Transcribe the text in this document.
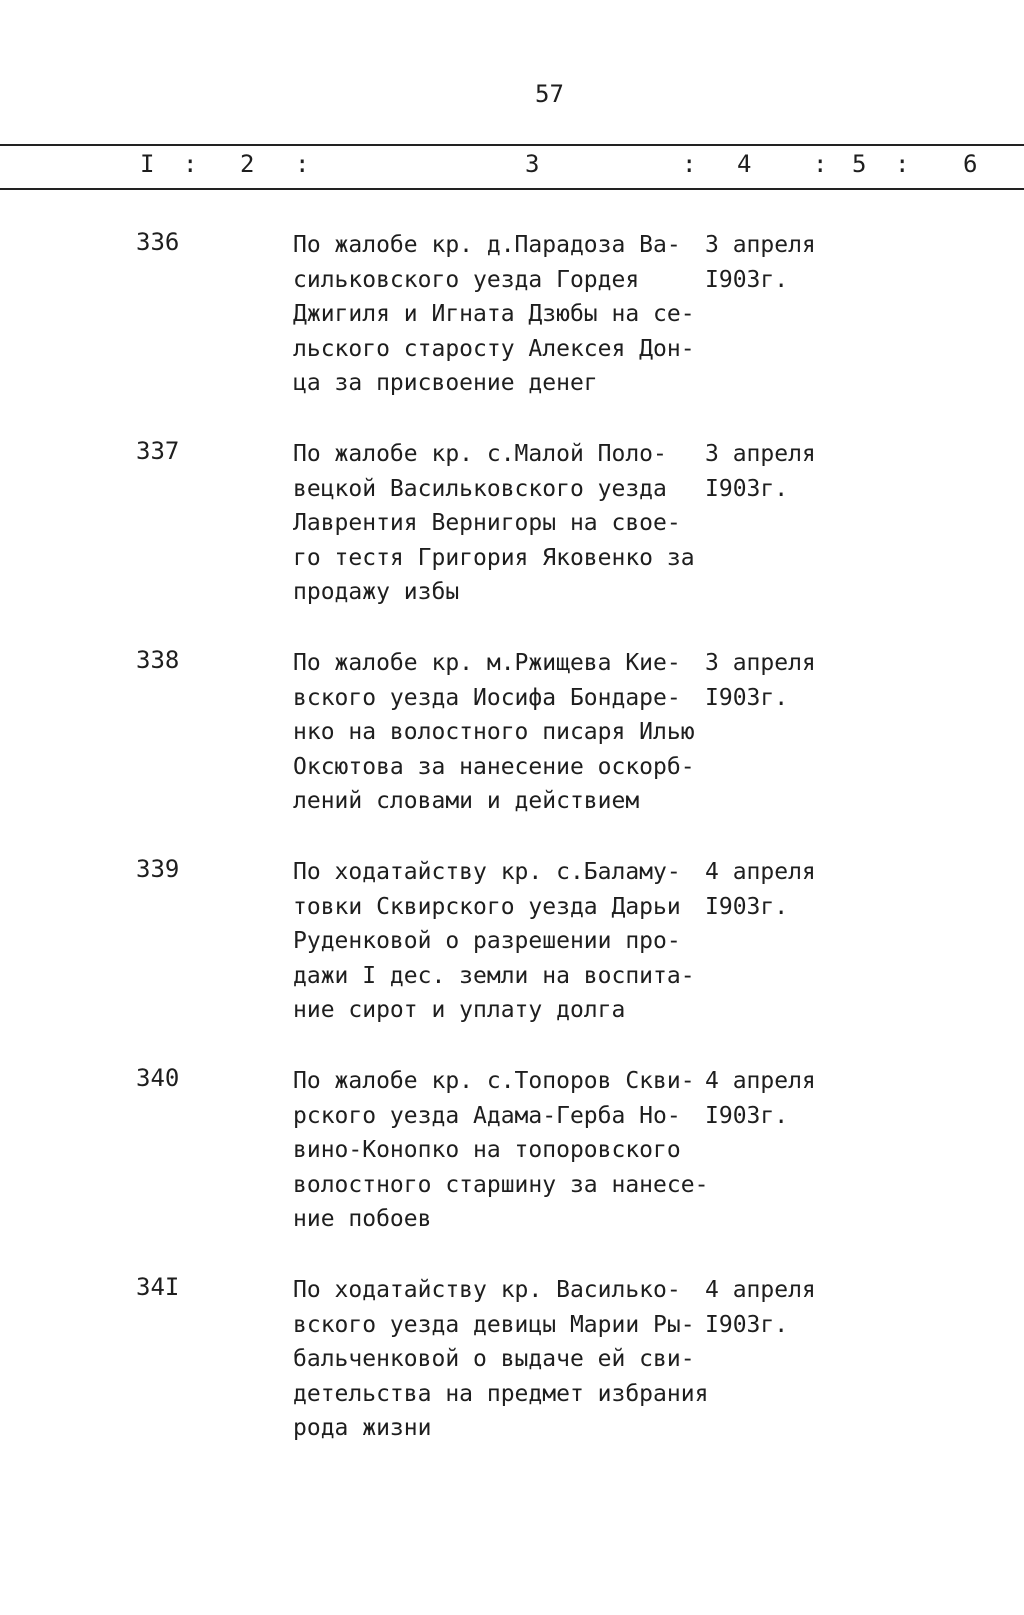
57
I : 2 :	3	: 4	: 5 : 6
336	По жалобе кр. д.Парадоза Ва-
сильковского уезда Гордея
Джигиля и Игната Дзюбы на се-
льского старосту Алексея Дон-
ца за присвоение денег
3 апреля
I903г.
337	По жалобе кр. с.Малой Поло-
вецкой Васильковского уезда
Лаврентия Вернигоры на свое-
го тестя Григория Яковенко за
продажу избы
3 апреля
I903г.
338	По жалобе кр. м.Ржищева Кие-
вского уезда Иосифа Бондаре-
нко на волостного писаря Илью
Оксютова за нанесение оскорб-
лений словами и действием
3 апреля
I903г.
339	По ходатайству кр. с.Баламу-
товки Сквирского уезда Дарьи
Руденковой о разрешении про-
дажи I дес. земли на воспита-
ние сирот и уплату долга
4 апреля
I903г.
340	По жалобе кр. с.Топоров Скви-
рского уезда Адама-Герба Но-
вино-Конопко на топоровского
волостного старшину за нанесе-
ние побоев
4 апреля
I903г.
34I	По ходатайству кр. Василько-
вского уезда девицы Марии Ры-
бальченковой о выдаче ей сви-
детельства на предмет избрания
рода жизни
4 апреля
I903г.
